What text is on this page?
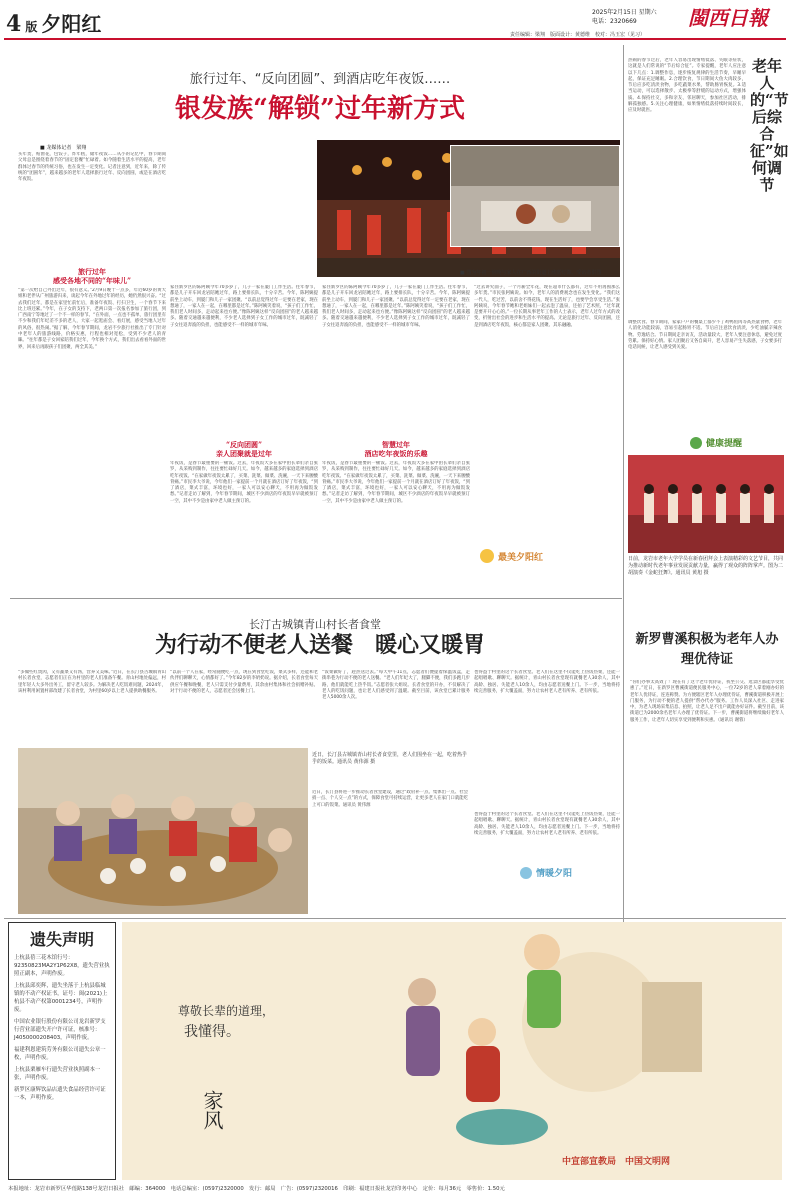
4 版 夕阳红	2025年2月15日 星期六
电话：2320669	閩西日報
责任编辑：梁翔　版面设计：黄德维　校对：冯玉宏（见习）
旅行过年、“反向团圆”、到酒店吃年夜饭……
银发族“解锁”过年新方式
■ 龙媒体记者　梁翔
■ 图为年初一傍晚与家人在广西的街道上欣赏灯饰。受访者供图
买年货，贴窗花，包饺子，炸年糕，储年夜饭……从小的记忆中，春节期间父母总是围绕着春节的“固定套餐”忙碌着。如今随着生活水平的提高，老年群体过春节的传统习俗，也在发生一定变化。记者注意到，近年来，除了传统的“团圆年”，越来越多的老年人选择旅行过年、反向团圆，或是在酒店吃年夜饭。
旅行过年
感受各地不同的“年味儿”
“第一次给自己外出过年，很有意义。”2月9日晚十一点多，年近60岁的黄大姐和老伴从广州旅游归来，谈起今年在外地过年的经历，她仍然很兴奋。“过去我们过年，都是在家里忙前忙后，准备年夜饭、打扫卫生，一个春节下来比上班还累。”今年，在子女的支持下，老两口第一次报名参加了旅行团，到广西南宁等地过了一个不一样的春节。“在外面，一点也不孤单，旅行团里有不少和我们年纪差不多的老人，大家一起逛庙会、看灯展，感受当地人过年的风俗，很热闹。”据了解，今年春节期间，龙岩不少旅行社推出了专门针对中老年人的旅游线路，价格实惠，行程也相对宽松，受到不少老人的青睐。“往年都是子女回家陪我们过年，今年换个方式，我们出去看看外面的世界，回来后再跟孩子们团聚，两全其美。”
家住新罗区的陈阿姨今年70多岁了，儿子一家在厦门工作生活。往年春节，都是儿子开车回龙岩陪她过年，路上要排长队，十分辛苦。今年，陈阿姨提前坐上动车，到厦门和儿子一家团聚。“以前总觉得过年一定要在老家，现在想通了，一家人在一起，在哪里都是过年。”陈阿姨笑着说，“孩子们工作忙，我们老人时间多，走动起来也方便。”像陈阿姨这样“反向团圆”的老人越来越多。随着交通越来越便利，不少老人选择到子女工作的城市过年，既减轻了子女往返奔波的负担，也能感受不一样的城市年味。
“反向团圆”
亲人团聚就是过年
年夜饭，是春节最重要的一顿饭。过去，年夜饭大多在家中由长辈们亲自张罗，从采购到制作，往往要忙碌好几天。如今，越来越多的家庭选择到酒店吃年夜饭。“在家做年夜饭太累了，买菜、洗菜、做菜、洗碗，一天下来腰酸背痛。”市民李大爷说，今年他们一家提前一个月就在酒店订好了年夜饭，“到了酒店，菜式丰富，环境也好，一家人可以安心聊天，不用再为做饭发愁。”记者走访了解到，今年春节期间，城区不少酒店的年夜饭早早就被预订一空，其中不少是由家中老人做主预订的。
家住新罗区的陈阿姨今年70多岁了，儿子一家在厦门工作生活。往年春节，都是儿子开车回龙岩陪她过年，路上要排长队，十分辛苦。今年，陈阿姨提前坐上动车，到厦门和儿子一家团聚。“以前总觉得过年一定要在老家，现在想通了，一家人在一起，在哪里都是过年。”陈阿姨笑着说，“孩子们工作忙，我们老人时间多，走动起来也方便。”像陈阿姨这样“反向团圆”的老人越来越多。随着交通越来越便利，不少老人选择到子女工作的城市过年，既减轻了子女往返奔波的负担，也能感受不一样的城市年味。
智慧过年
酒店吃年夜饭的乐趣
年夜饭，是春节最重要的一顿饭。过去，年夜饭大多在家中由长辈们亲自张罗，从采购到制作，往往要忙碌好几天。如今，越来越多的家庭选择到酒店吃年夜饭。“在家做年夜饭太累了，买菜、洗菜、做菜、洗碗，一天下来腰酸背痛。”市民李大爷说，今年他们一家提前一个月就在酒店订好了年夜饭，“到了酒店，菜式丰富，环境也好，一家人可以安心聊天，不用再为做饭发愁。”记者走访了解到，今年春节期间，城区不少酒店的年夜饭早早就被预订一空，其中不少是由家中老人做主预订的。
“过去讲究面子，一个月薪全年花，现在超市什么都有，过年不用再囤那么多年货。”市民张阿姨说。如今，老年人的消费观念也在发生变化。“我们这一代人，吃过苦，以前舍不得花钱，现在生活好了，也要学会享受生活。”张阿姨说，今年春节她和老姐妹们一起去泡了温泉，还拍了艺术照，“过年就是要开开心心的。”一位长期从事老年工作的人士表示，老年人过年方式的改变，折射出社会的进步和生活水平的提高。无论是旅行过年、反向团圆，还是到酒店吃年夜饭，核心都是家人团聚、其乐融融。
最美夕阳红
热闹的春节过后，老年人容易出现情绪低落、失眠等症状，这就是人们常说的“节后综合征”。专家提醒，老年人应注意以下几点：1.调整作息，逐步恢复规律的生活节奏，早睡早起，保证充足睡眠。2.合理饮食，节日期间大鱼大肉较多，节后应多吃清淡食物，多吃蔬菜水果，帮助肠胃恢复。3.适当运动，可以选择散步、太极拳等舒缓的运动方式，增强体质。4.保持社交，多和亲友、邻居聊天，参加社区活动，排解孤独感。5.关注心理健康，如果情绪低落持续时间较长，应及时就医。
老年人的“节后综合征”如何调节
调整饮食。春节期间，家家户户的餐桌上都少不了鸡鸭鱼肉等高热量食物，老年人消化功能较弱，容易引起肠胃不适。节后应注意饮食清淡，少吃油腻辛辣食物。劳逸结合。节日期间走亲访友，活动量较大，老年人要注意休息，避免过度劳累。保持好心情。家人团聚后又各自离开，老人容易产生失落感，子女要多打电话问候，让老人感受到关爱。
健康提醒
日前，龙岩市老年大学学员在新春团拜会上表演精彩的文艺节目，共同为推动新时代老年事业发展贡献力量，赢得了观众的阵阵掌声。图为二胡演奏《金蛇狂舞》。通讯员 黄旭 摄
长汀古城镇青山村长者食堂
为行动不便老人送餐　暖心又暖胃
“多做些红烧肉，又有蔬菜又有汤，营养又美味。”近日，在长汀县古城镇青山村长者食堂，志愿者们正在为村里的老人们准备午餐。青山村地处偏远，村里年轻人大多外出务工，留守老人较多。为解决老人吃饭难问题，2024年，该村利用闲置村部改建了长者食堂，为村里60岁以上老人提供助餐服务。
“以前一个人在家，经常随便吃一点，现在到食堂吃饭，菜式多样，还能和老伙伴们聊聊天，心情都好了。”今年82岁的李奶奶说。据介绍，长者食堂每天供应午餐和晚餐，老人只需支付少量费用，其余由村集体和社会捐赠补贴。对于行动不便的老人，志愿者还会送餐上门。
“饭菜做好了，趁热送过去。”每天中午11点，志愿者们便提着保温饭盒，走街串巷为行动不便的老人送餐。“老人们年纪大了，腿脚不便，我们多跑几步路，他们就能吃上热乎饭。”志愿者张大姐说。长者食堂的开办，不仅解决了老人的吃饭问题，也让老人们感受到了温暖。截至目前，该食堂已累计服务老人5000余人次。
也得益于村里的这个长者食堂。老人们在这里不仅能吃上热饭热菜，还能一起唱唱歌、聊聊天。据统计，青山村长者食堂现有就餐老人30余人，其中高龄、独居、失能老人10余人，均由志愿者送餐上门。下一步，当地将持续完善服务，扩大覆盖面，努力让农村老人老有所养、老有所依。
近日，长汀县古城镇青山村长者食堂里，老人们围坐在一起，吃着热乎乎的饭菜。通讯员 黄伟源 摄
近日，长汀县将进一步推动长者食堂建设，通过“政府补一点、集体出一点、社会捐一点、个人交一点”的方式，保障食堂可持续运营，让更多老人在家门口就能吃上可口的饭菜。通讯员 黄伟源
也得益于村里的这个长者食堂。老人们在这里不仅能吃上热饭热菜，还能一起唱唱歌、聊聊天。据统计，青山村长者食堂现有就餐老人30余人，其中高龄、独居、失能老人10余人，均由志愿者送餐上门。下一步，当地将持续完善服务，扩大覆盖面，努力让农村老人老有所养、老有所依。
情暖夕阳
新罗曹溪积极为老年人办理优待证
“你们办事太高效了！现在有了这个老年优待证，我坐公交、逛景区都能享受优惠了。”近日，在新罗区曹溪街道便民服务中心，一位72岁的老人拿着刚办好的老年人优待证，连连称赞。为方便辖区老年人办理优待证，曹溪街道积极开展上门服务，为行动不便的老人提供“帮办代办”服务。工作人员深入社区、走进家中，为老人现场采集信息、拍照，让老人足不出户就能办好证件。截至目前，该街道已为2000余名老年人办理了优待证。下一步，曹溪街道将继续做好老年人服务工作，让老年人切实享受到便利和实惠。（通讯员 谢蓉）
遗失声明
上杭县蓓三花木馆行号：92350823MA2Y1P62X8，遗失营业执照正副本，声明作废。
上杭县邱奕辉，遗失坐落于上杭县临城镇的不动产权证书，证号：闽(2021)上杭县不动产权第0001234号，声明作废。
中国农业银行股份有限公司龙岩新罗支行营业部遗失开户许可证，核准号：J4050000208403，声明作废。
福建利恩建筑劳务有限公司遗失公章一枚，声明作废。
上杭县栗雁车行遗失营业执照副本一张，声明作废。
新罗区康辉饮品店遗失食品经营许可证一本，声明作废。
尊敬长辈的道理，
我懂得。
家风
中宣部宣教局　中国文明网
本报地址：龙岩市新罗区华莲路138号龙岩日报社　邮编：364000　电话总编室：(0597)2320000　发行：邮局　广告：(0597)2320016　印刷：福建日报社龙岩印务中心　定价：每月36元　零售价：1.50元
